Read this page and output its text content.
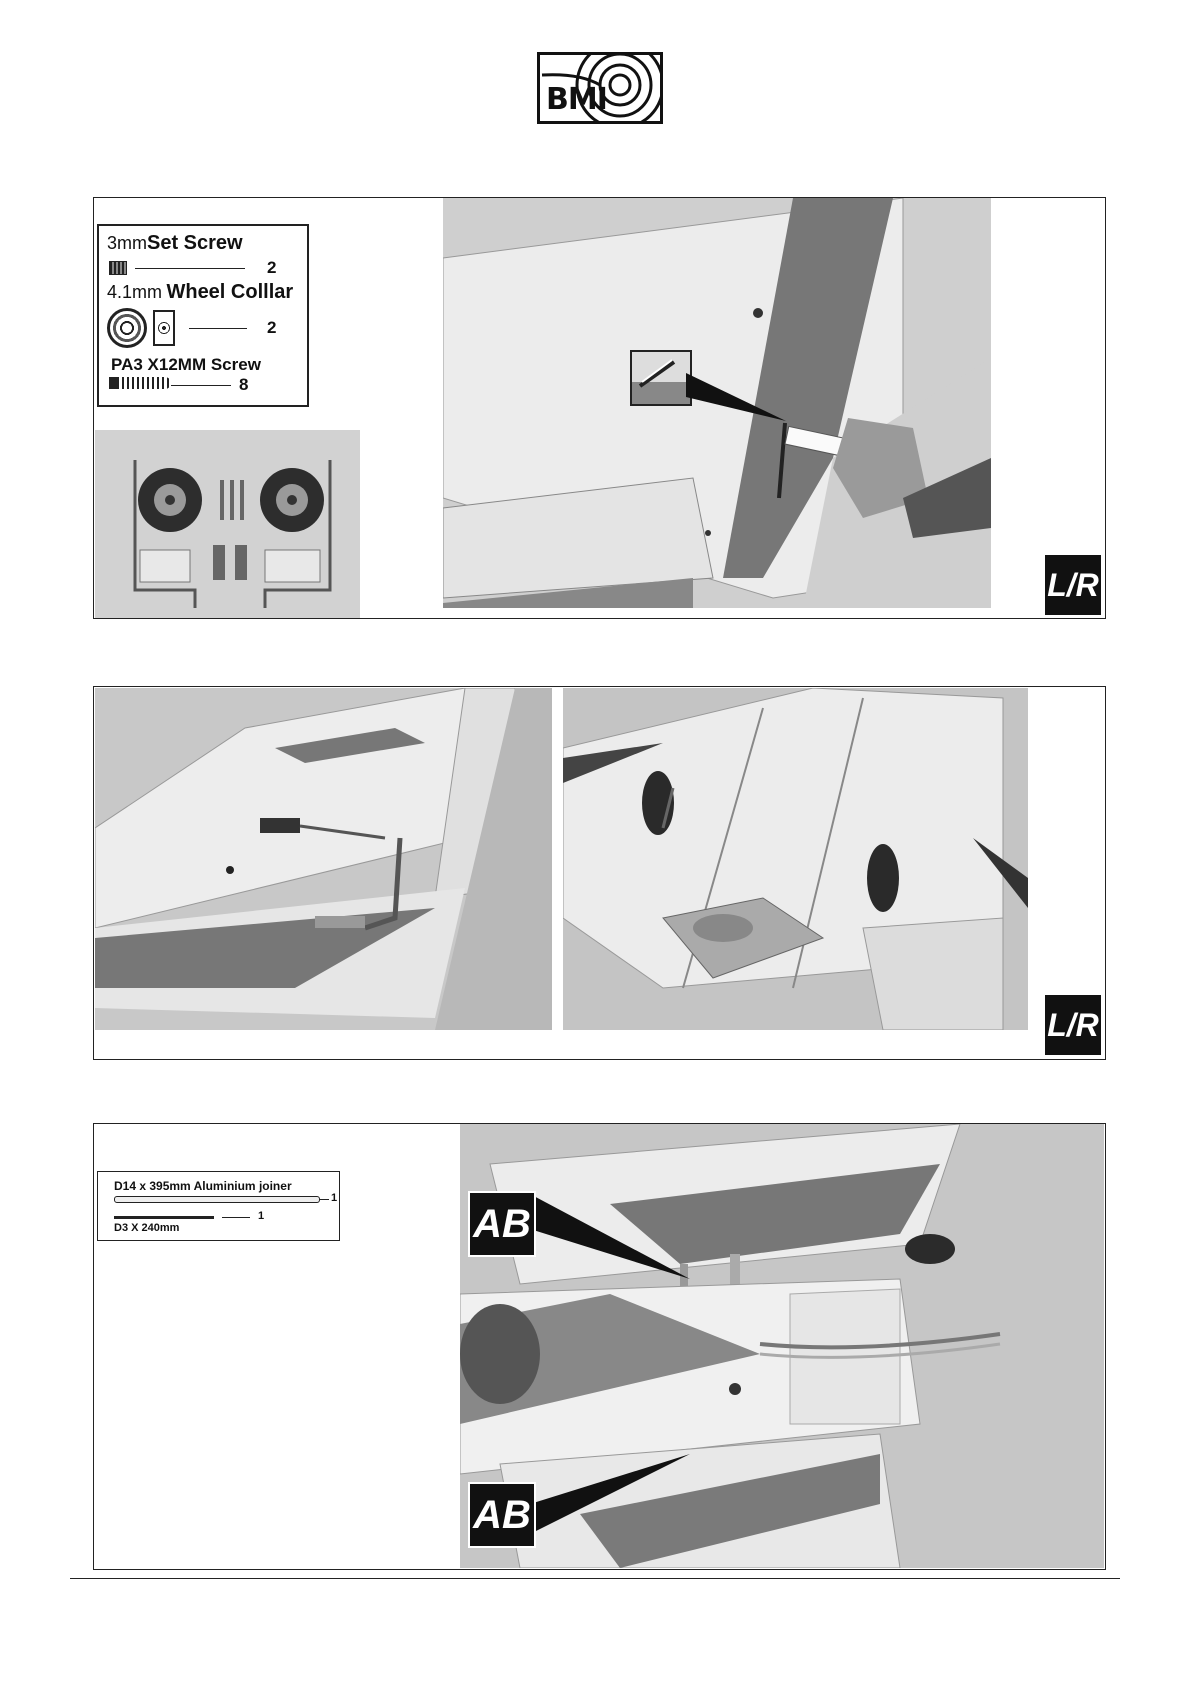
BMI
3mmSet Screw
2
4.1mm Wheel Colllar
2
PA3 X12MM Screw
8
L/R
L/R
D14 x 395mm Aluminium joiner
1
1
D3 X 240mm	AB
AB
